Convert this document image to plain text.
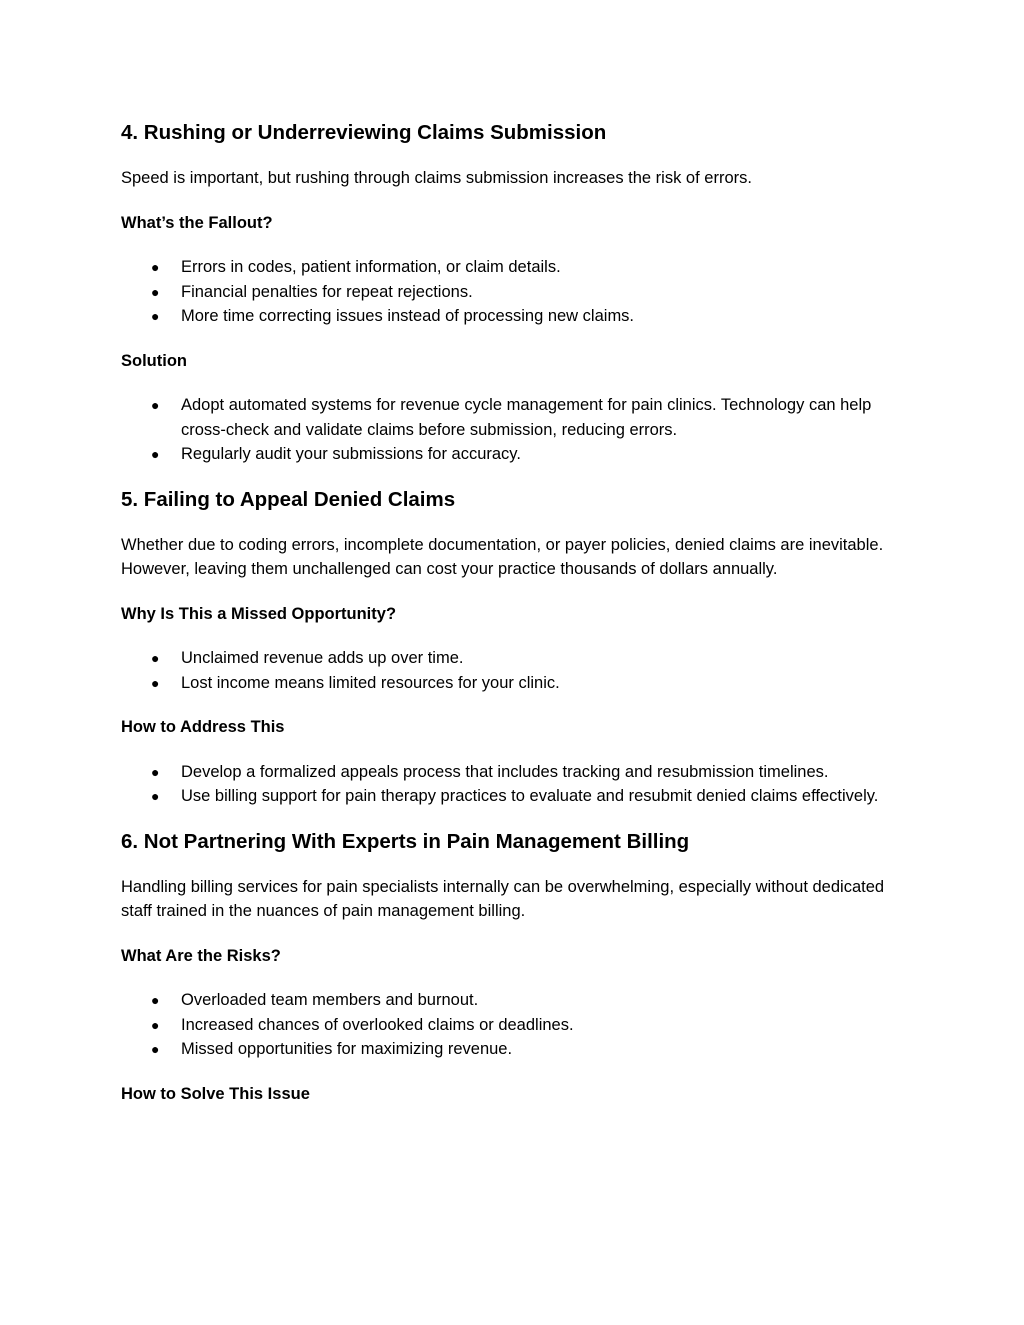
4. Rushing or Underreviewing Claims Submission

Speed is important, but rushing through claims submission increases the risk of errors.

What’s the Fallout?
● Errors in codes, patient information, or claim details.
● Financial penalties for repeat rejections.
● More time correcting issues instead of processing new claims.
Solution
● Adopt automated systems for revenue cycle management for pain clinics. Technology can help cross-check and validate claims before submission, reducing errors.
● Regularly audit your submissions for accuracy.
5. Failing to Appeal Denied Claims

Whether due to coding errors, incomplete documentation, or payer policies, denied claims are inevitable. However, leaving them unchallenged can cost your practice thousands of dollars annually.

Why Is This a Missed Opportunity?
● Unclaimed revenue adds up over time.
● Lost income means limited resources for your clinic.
How to Address This
● Develop a formalized appeals process that includes tracking and resubmission timelines.
● Use billing support for pain therapy practices to evaluate and resubmit denied claims effectively.
6. Not Partnering With Experts in Pain Management Billing

Handling billing services for pain specialists internally can be overwhelming, especially without dedicated staff trained in the nuances of pain management billing.

What Are the Risks?
● Overloaded team members and burnout.
● Increased chances of overlooked claims or deadlines.
● Missed opportunities for maximizing revenue.
How to Solve This Issue
